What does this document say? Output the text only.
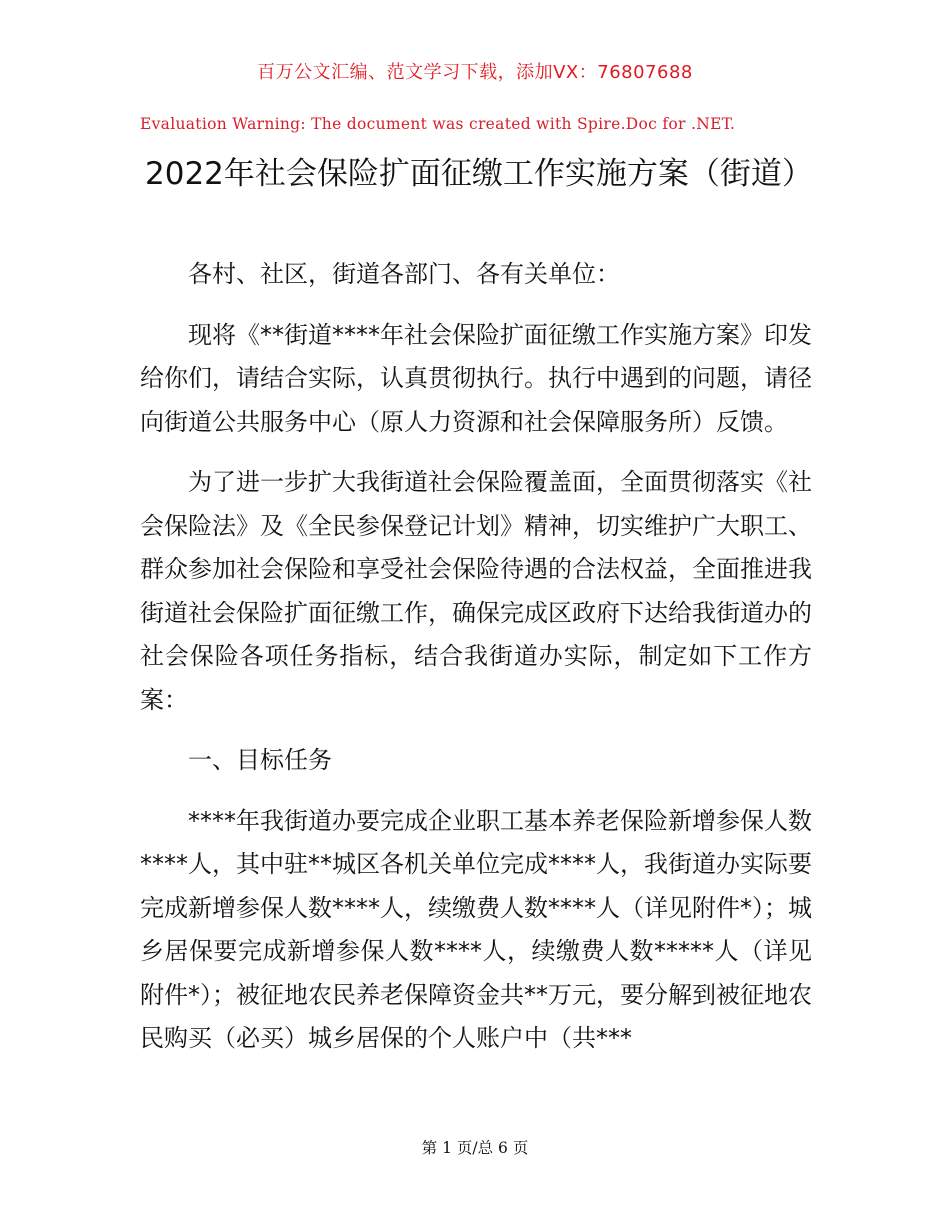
百万公文汇编、范文学习下载，添加VX：76807688
Evaluation Warning: The document was created with Spire.Doc for .NET.
2022年社会保险扩面征缴工作实施方案（街道）

各村、社区，街道各部门、各有关单位：

现将《**街道****年社会保险扩面征缴工作实施方案》印发给你们，请结合实际，认真贯彻执行。执行中遇到的问题，请径向街道公共服务中心（原人力资源和社会保障服务所）反馈。

为了进一步扩大我街道社会保险覆盖面，全面贯彻落实《社会保险法》及《全民参保登记计划》精神，切实维护广大职工、群众参加社会保险和享受社会保险待遇的合法权益，全面推进我街道社会保险扩面征缴工作，确保完成区政府下达给我街道办的社会保险各项任务指标，结合我街道办实际，制定如下工作方案：

一、目标任务

****年我街道办要完成企业职工基本养老保险新增参保人数****人，其中驻**城区各机关单位完成****人，我街道办实际要完成新增参保人数****人，续缴费人数****人（详见附件*）；城乡居保要完成新增参保人数****人，续缴费人数*****人（详见附件*）；被征地农民养老保障资金共**万元，要分解到被征地农民购买（必买）城乡居保的个人账户中（共***

第 1 页/总 6 页
